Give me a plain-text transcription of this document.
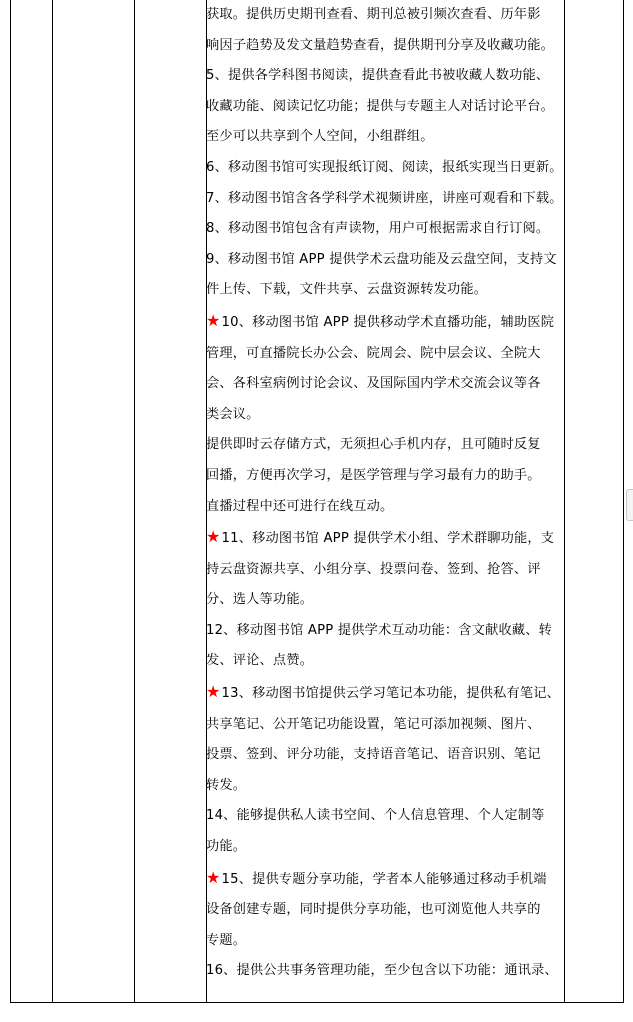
获取。提供历史期刊查看、期刊总被引频次查看、历年影

响因子趋势及发文量趋势查看，提供期刊分享及收藏功能。

5、提供各学科图书阅读，提供查看此书被收藏人数功能、

收藏功能、阅读记忆功能；提供与专题主人对话讨论平台。

至少可以共享到个人空间，小组群组。

6、移动图书馆可实现报纸订阅、阅读，报纸实现当日更新。

7、移动图书馆含各学科学术视频讲座，讲座可观看和下载。

8、移动图书馆包含有声读物，用户可根据需求自行订阅。

9、移动图书馆 APP 提供学术云盘功能及云盘空间，支持文

件上传、下载，文件共享、云盘资源转发功能。

★10、移动图书馆 APP 提供移动学术直播功能，辅助医院

管理，可直播院长办公会、院周会、院中层会议、全院大

会、各科室病例讨论会议、及国际国内学术交流会议等各

类会议。

提供即时云存储方式，无须担心手机内存，且可随时反复

回播，方便再次学习，是医学管理与学习最有力的助手。

直播过程中还可进行在线互动。

★11、移动图书馆 APP 提供学术小组、学术群聊功能，支

持云盘资源共享、小组分享、投票问卷、签到、抢答、评

分、选人等功能。

12、移动图书馆 APP 提供学术互动功能：含文献收藏、转

发、评论、点赞。

★13、移动图书馆提供云学习笔记本功能，提供私有笔记、

共享笔记、公开笔记功能设置，笔记可添加视频、图片、

投票、签到、评分功能，支持语音笔记、语音识别、笔记

转发。

14、能够提供私人读书空间、个人信息管理、个人定制等

功能。

★15、提供专题分享功能，学者本人能够通过移动手机端

设备创建专题，同时提供分享功能，也可浏览他人共享的

专题。

16、提供公共事务管理功能，至少包含以下功能：通讯录、
